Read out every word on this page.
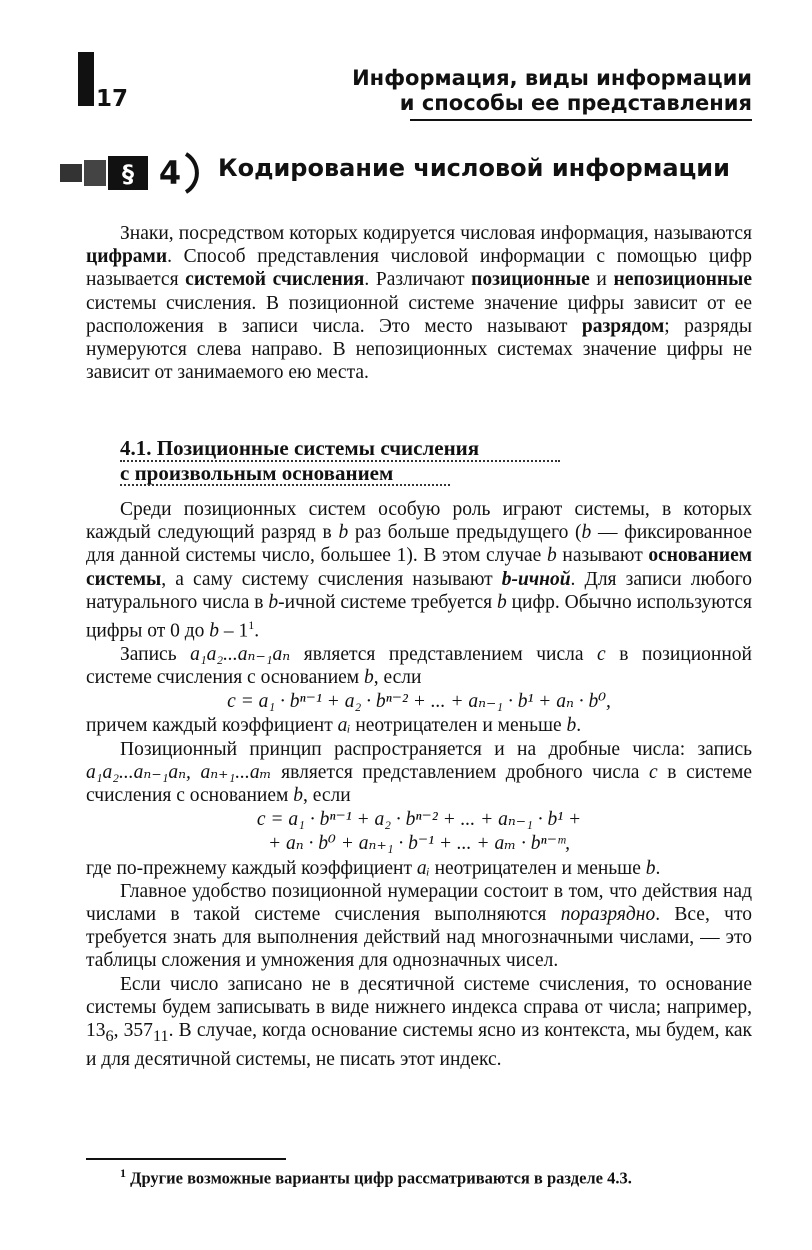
17
Информация, виды информации
и способы ее представления
§ 4 Кодирование числовой информации

Знаки, посредством которых кодируется числовая информация, называются цифрами. Способ представления числовой информации с помощью цифр называется системой счисления. Различают позиционные и непозиционные системы счисления. В позиционной системе значение цифры зависит от ее расположения в записи числа. Это место называют разрядом; разряды нумеруются слева направо. В непозиционных системах значение цифры не зависит от занимаемого ею места.

4.1. Позиционные системы счисления
с произвольным основанием

Среди позиционных систем особую роль играют системы, в которых каждый следующий разряд в b раз больше предыдущего (b — фиксированное для данной системы число, большее 1). В этом случае b называют основанием системы, а саму систему счисления называют b-ичной. Для записи любого натурального числа в b-ичной системе требуется b цифр. Обычно используются цифры от 0 до b – 1$^1$.

Запись a₁a₂...aₙ₋₁aₙ является представлением числа c в позиционной системе счисления с основанием b, если

c = a₁ · bⁿ⁻¹ + a₂ · bⁿ⁻² + ... + aₙ₋₁ · b¹ + aₙ · b⁰,

причем каждый коэффициент aᵢ неотрицателен и меньше b.

Позиционный принцип распространяется и на дробные числа: запись a₁a₂...aₙ₋₁aₙ, aₙ₊₁...aₘ является представлением дробного числа c в системе счисления с основанием b, если

c = a₁ · bⁿ⁻¹ + a₂ · bⁿ⁻² + ... + aₙ₋₁ · b¹ +
+ aₙ · b⁰ + aₙ₊₁ · b⁻¹ + ... + aₘ · bⁿ⁻ᵐ,

где по-прежнему каждый коэффициент aᵢ неотрицателен и меньше b.

Главное удобство позиционной нумерации состоит в том, что действия над числами в такой системе счисления выполняются поразрядно. Все, что требуется знать для выполнения действий над многозначными числами, — это таблицы сложения и умножения для однозначных чисел.

Если число записано не в десятичной системе счисления, то основание системы будем записывать в виде нижнего индекса справа от числа; например, $13_6$, $357_{11}$. В случае, когда основание системы ясно из контекста, мы будем, как и для десятичной системы, не писать этот индекс.

$^1$ Другие возможные варианты цифр рассматриваются в разделе 4.3.
